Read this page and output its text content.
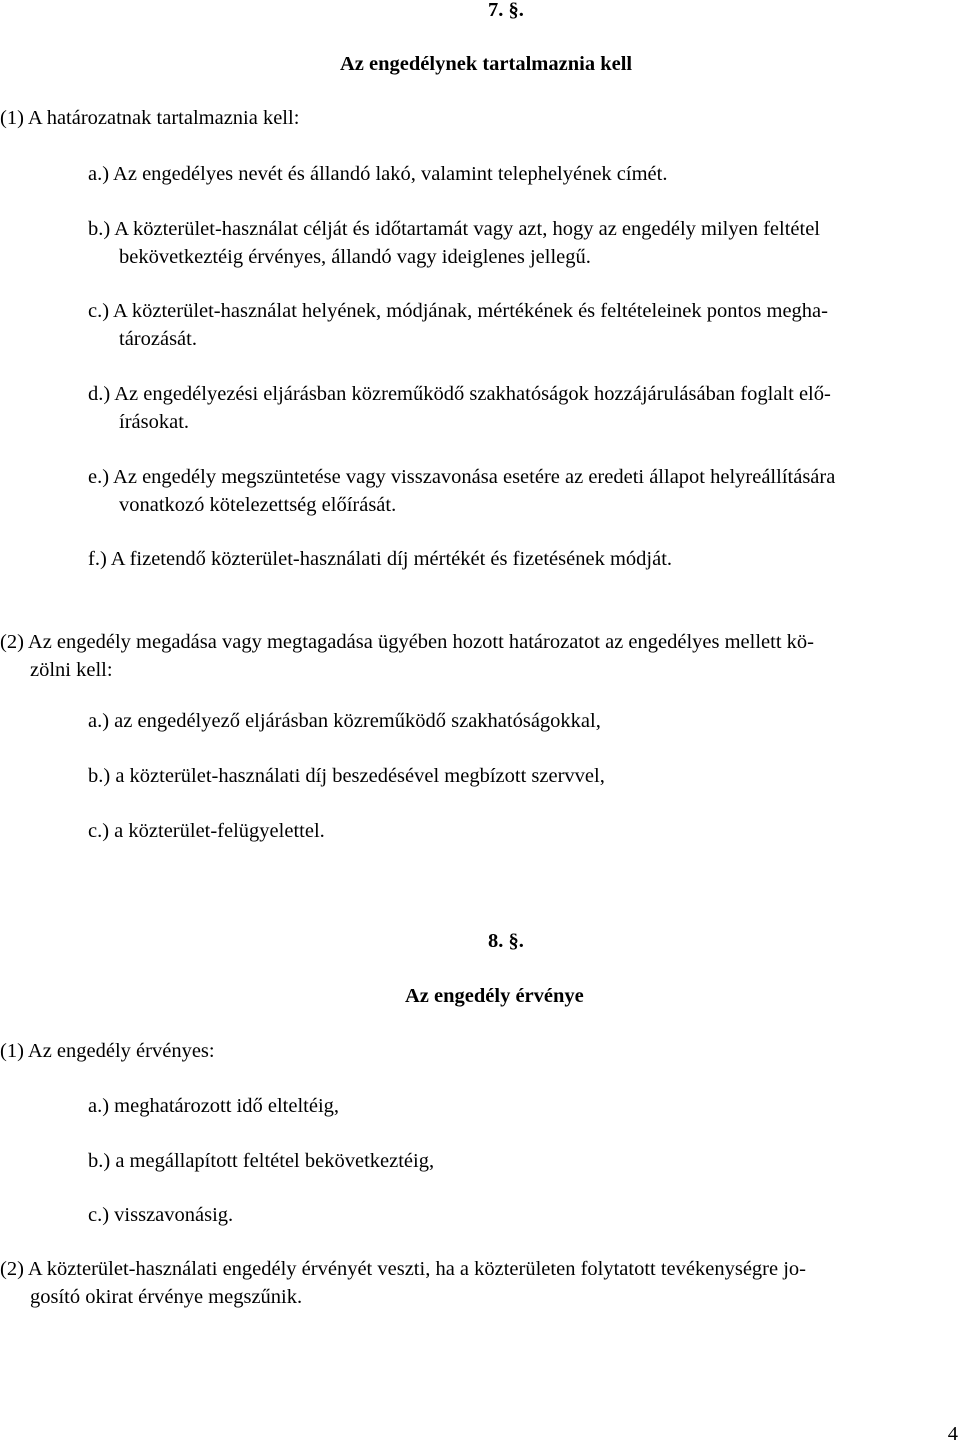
7. §.
Az engedélynek tartalmaznia kell
(1) A határozatnak tartalmaznia kell:
a.) Az engedélyes nevét és állandó lakó, valamint telephelyének címét.
b.) A közterület-használat célját és időtartamát vagy azt, hogy az engedély milyen feltétel
bekövetkeztéig érvényes, állandó vagy ideiglenes jellegű.
c.) A közterület-használat helyének, módjának, mértékének és feltételeinek pontos megha-
tározását.
d.) Az engedélyezési eljárásban közreműködő szakhatóságok hozzájárulásában foglalt elő-
írásokat.
e.) Az engedély megszüntetése vagy visszavonása esetére az eredeti állapot helyreállítására
vonatkozó kötelezettség előírását.
f.) A fizetendő közterület-használati díj mértékét és fizetésének módját.
(2) Az engedély megadása vagy megtagadása ügyében hozott határozatot az engedélyes mellett kö-
zölni kell:
a.) az engedélyező eljárásban közreműködő szakhatóságokkal,
b.) a közterület-használati díj beszedésével megbízott szervvel,
c.) a közterület-felügyelettel.
8. §.
Az engedély érvénye
(1) Az engedély érvényes:
a.) meghatározott idő elteltéig,
b.) a megállapított feltétel bekövetkeztéig,
c.) visszavonásig.
(2) A közterület-használati engedély érvényét veszti, ha a közterületen folytatott tevékenységre jo-
gosító okirat érvénye megszűnik.
4
